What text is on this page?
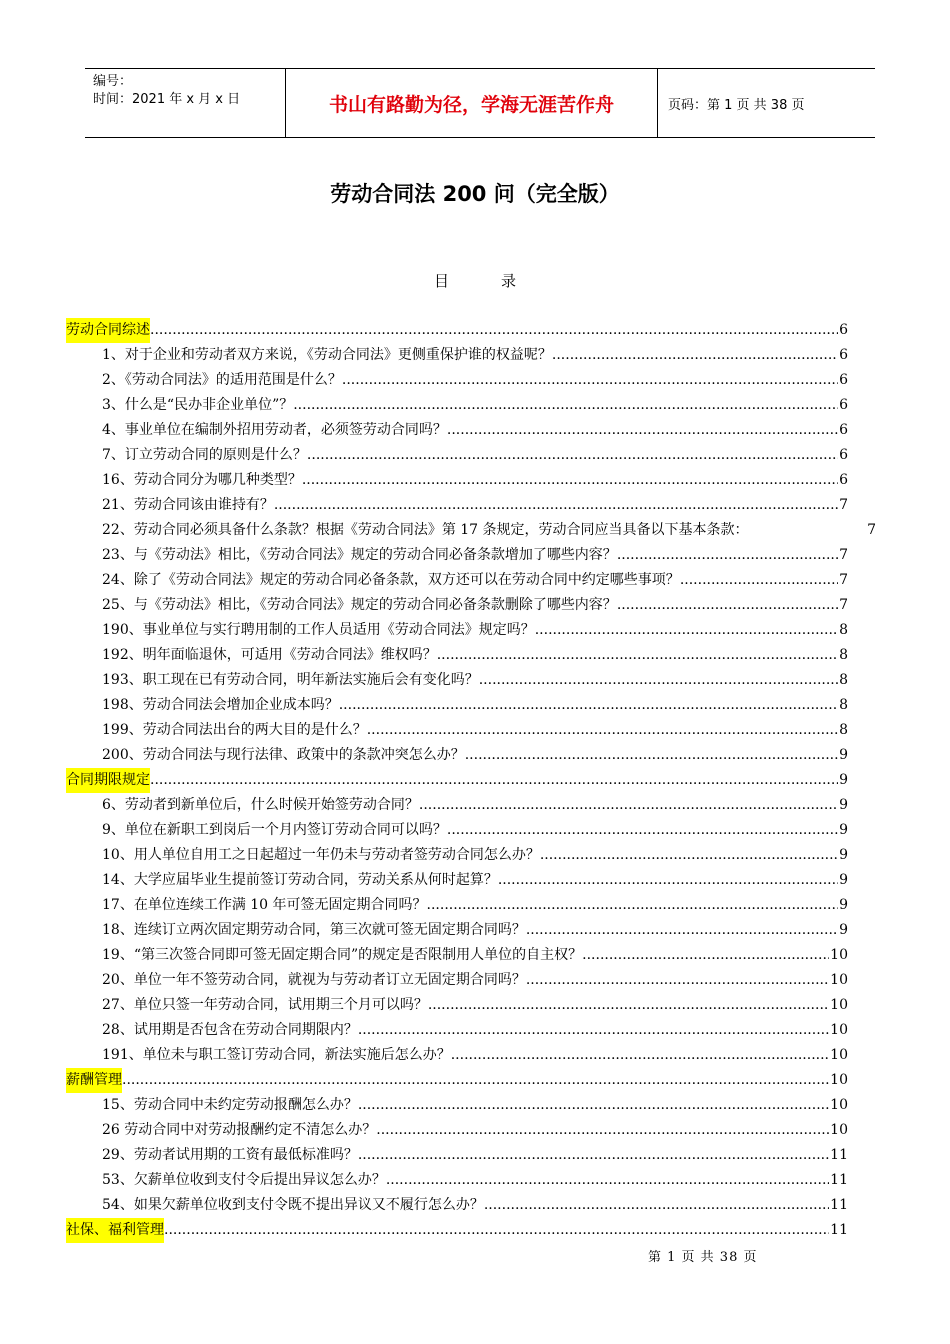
编号：
时间：2021 年 x 月 x 日	书山有路勤为径，学海无涯苦作舟	页码：第 1 页 共 38 页
劳动合同法 200 问（完全版）
目录
劳动合同综述 .....	6
1、对于企业和劳动者双方来说，《劳动合同法》更侧重保护谁的权益呢？ .....	6
2、《劳动合同法》的适用范围是什么？ .....	6
3、什么是“民办非企业单位”？ .....	6
4、事业单位在编制外招用劳动者，必须签劳动合同吗？ .....	6
7、订立劳动合同的原则是什么？ .....	6
16、劳动合同分为哪几种类型？ .....	6
21、劳动合同该由谁持有？ .....	7
22、劳动合同必须具备什么条款？根据《劳动合同法》第 17 条规定，劳动合同应当具备以下基本条款：	7
23、与《劳动法》相比，《劳动合同法》规定的劳动合同必备条款增加了哪些内容？ .....	7
24、除了《劳动合同法》规定的劳动合同必备条款，双方还可以在劳动合同中约定哪些事项？ .....	7
25、与《劳动法》相比，《劳动合同法》规定的劳动合同必备条款删除了哪些内容？ .....	7
190、事业单位与实行聘用制的工作人员适用《劳动合同法》规定吗？ .....	8
192、明年面临退休，可适用《劳动合同法》维权吗？ .....	8
193、职工现在已有劳动合同，明年新法实施后会有变化吗？ .....	8
198、劳动合同法会增加企业成本吗？ .....	8
199、劳动合同法出台的两大目的是什么？ .....	8
200、劳动合同法与现行法律、政策中的条款冲突怎么办？ .....	9
合同期限规定 .....	9
6、劳动者到新单位后，什么时候开始签劳动合同？ .....	9
9、单位在新职工到岗后一个月内签订劳动合同可以吗？ .....	9
10、用人单位自用工之日起超过一年仍未与劳动者签劳动合同怎么办？ .....	9
14、大学应届毕业生提前签订劳动合同，劳动关系从何时起算？ .....	9
17、在单位连续工作满 10 年可签无固定期合同吗？ .....	9
18、连续订立两次固定期劳动合同，第三次就可签无固定期合同吗？ .....	9
19、“第三次签合同即可签无固定期合同”的规定是否限制用人单位的自主权？ .....	10
20、单位一年不签劳动合同，就视为与劳动者订立无固定期合同吗？ .....	10
27、单位只签一年劳动合同，试用期三个月可以吗？ .....	10
28、试用期是否包含在劳动合同期限内？ .....	10
191、单位未与职工签订劳动合同，新法实施后怎么办？ .....	10
薪酬管理 .....	10
15、劳动合同中未约定劳动报酬怎么办？ .....	10
26 劳动合同中对劳动报酬约定不清怎么办？ .....	10
29、劳动者试用期的工资有最低标准吗？ .....	11
53、欠薪单位收到支付令后提出异议怎么办？ .....	11
54、如果欠薪单位收到支付令既不提出异议又不履行怎么办？ .....	11
社保、福利管理 .....	11
第 1 页 共 38 页
